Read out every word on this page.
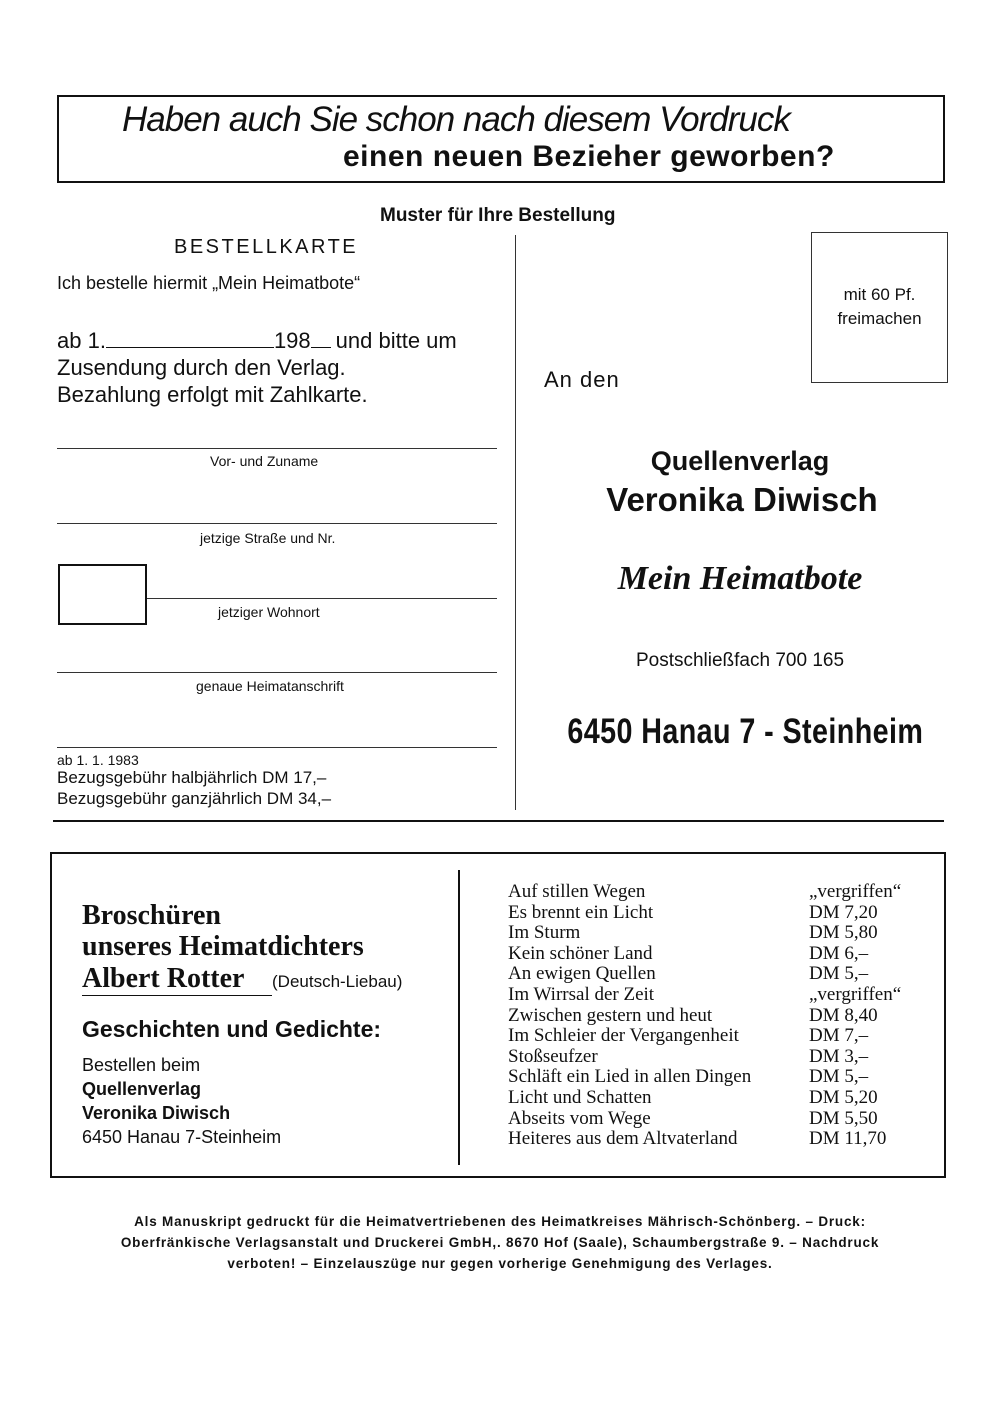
Haben auch Sie schon nach diesem Vordruck
einen neuen Bezieher geworben?
Muster für Ihre Bestellung
BESTELLKARTE
Ich bestelle hiermit „Mein Heimatbote“
ab 1.	198 und bitte um
Zusendung durch den Verlag.
Bezahlung erfolgt mit Zahlkarte.
Vor- und Zuname
jetzige Straße und Nr.
jetziger Wohnort
genaue Heimatanschrift
ab 1. 1. 1983
Bezugsgebühr halbjährlich DM 17,–
Bezugsgebühr ganzjährlich DM 34,–
mit 60 Pf.
freimachen
An den
Quellenverlag
Veronika Diwisch
Mein Heimatbote
Postschließfach 700 165
6450 Hanau 7 - Steinheim
Broschüren
unseres Heimatdichters
Albert Rotter (Deutsch-Liebau)
Geschichten und Gedichte:
Bestellen beim
Quellenverlag
Veronika Diwisch
6450 Hanau 7-Steinheim
Auf stillen Wegen	„vergriffen“
Es brennt ein Licht	DM 7,20
Im Sturm	DM 5,80
Kein schöner Land	DM 6,–
An ewigen Quellen	DM 5,–
Im Wirrsal der Zeit	„vergriffen“
Zwischen gestern und heut	DM 8,40
Im Schleier der Vergangenheit	DM 7,–
Stoßseufzer	DM 3,–
Schläft ein Lied in allen Dingen	DM 5,–
Licht und Schatten	DM 5,20
Abseits vom Wege	DM 5,50
Heiteres aus dem Altvaterland	DM 11,70
Als Manuskript gedruckt für die Heimatvertriebenen des Heimatkreises Mährisch-Schönberg. – Druck:
Oberfränkische Verlagsanstalt und Druckerei GmbH,. 8670 Hof (Saale), Schaumbergstraße 9. – Nachdruck
verboten! – Einzelauszüge nur gegen vorherige Genehmigung des Verlages.
